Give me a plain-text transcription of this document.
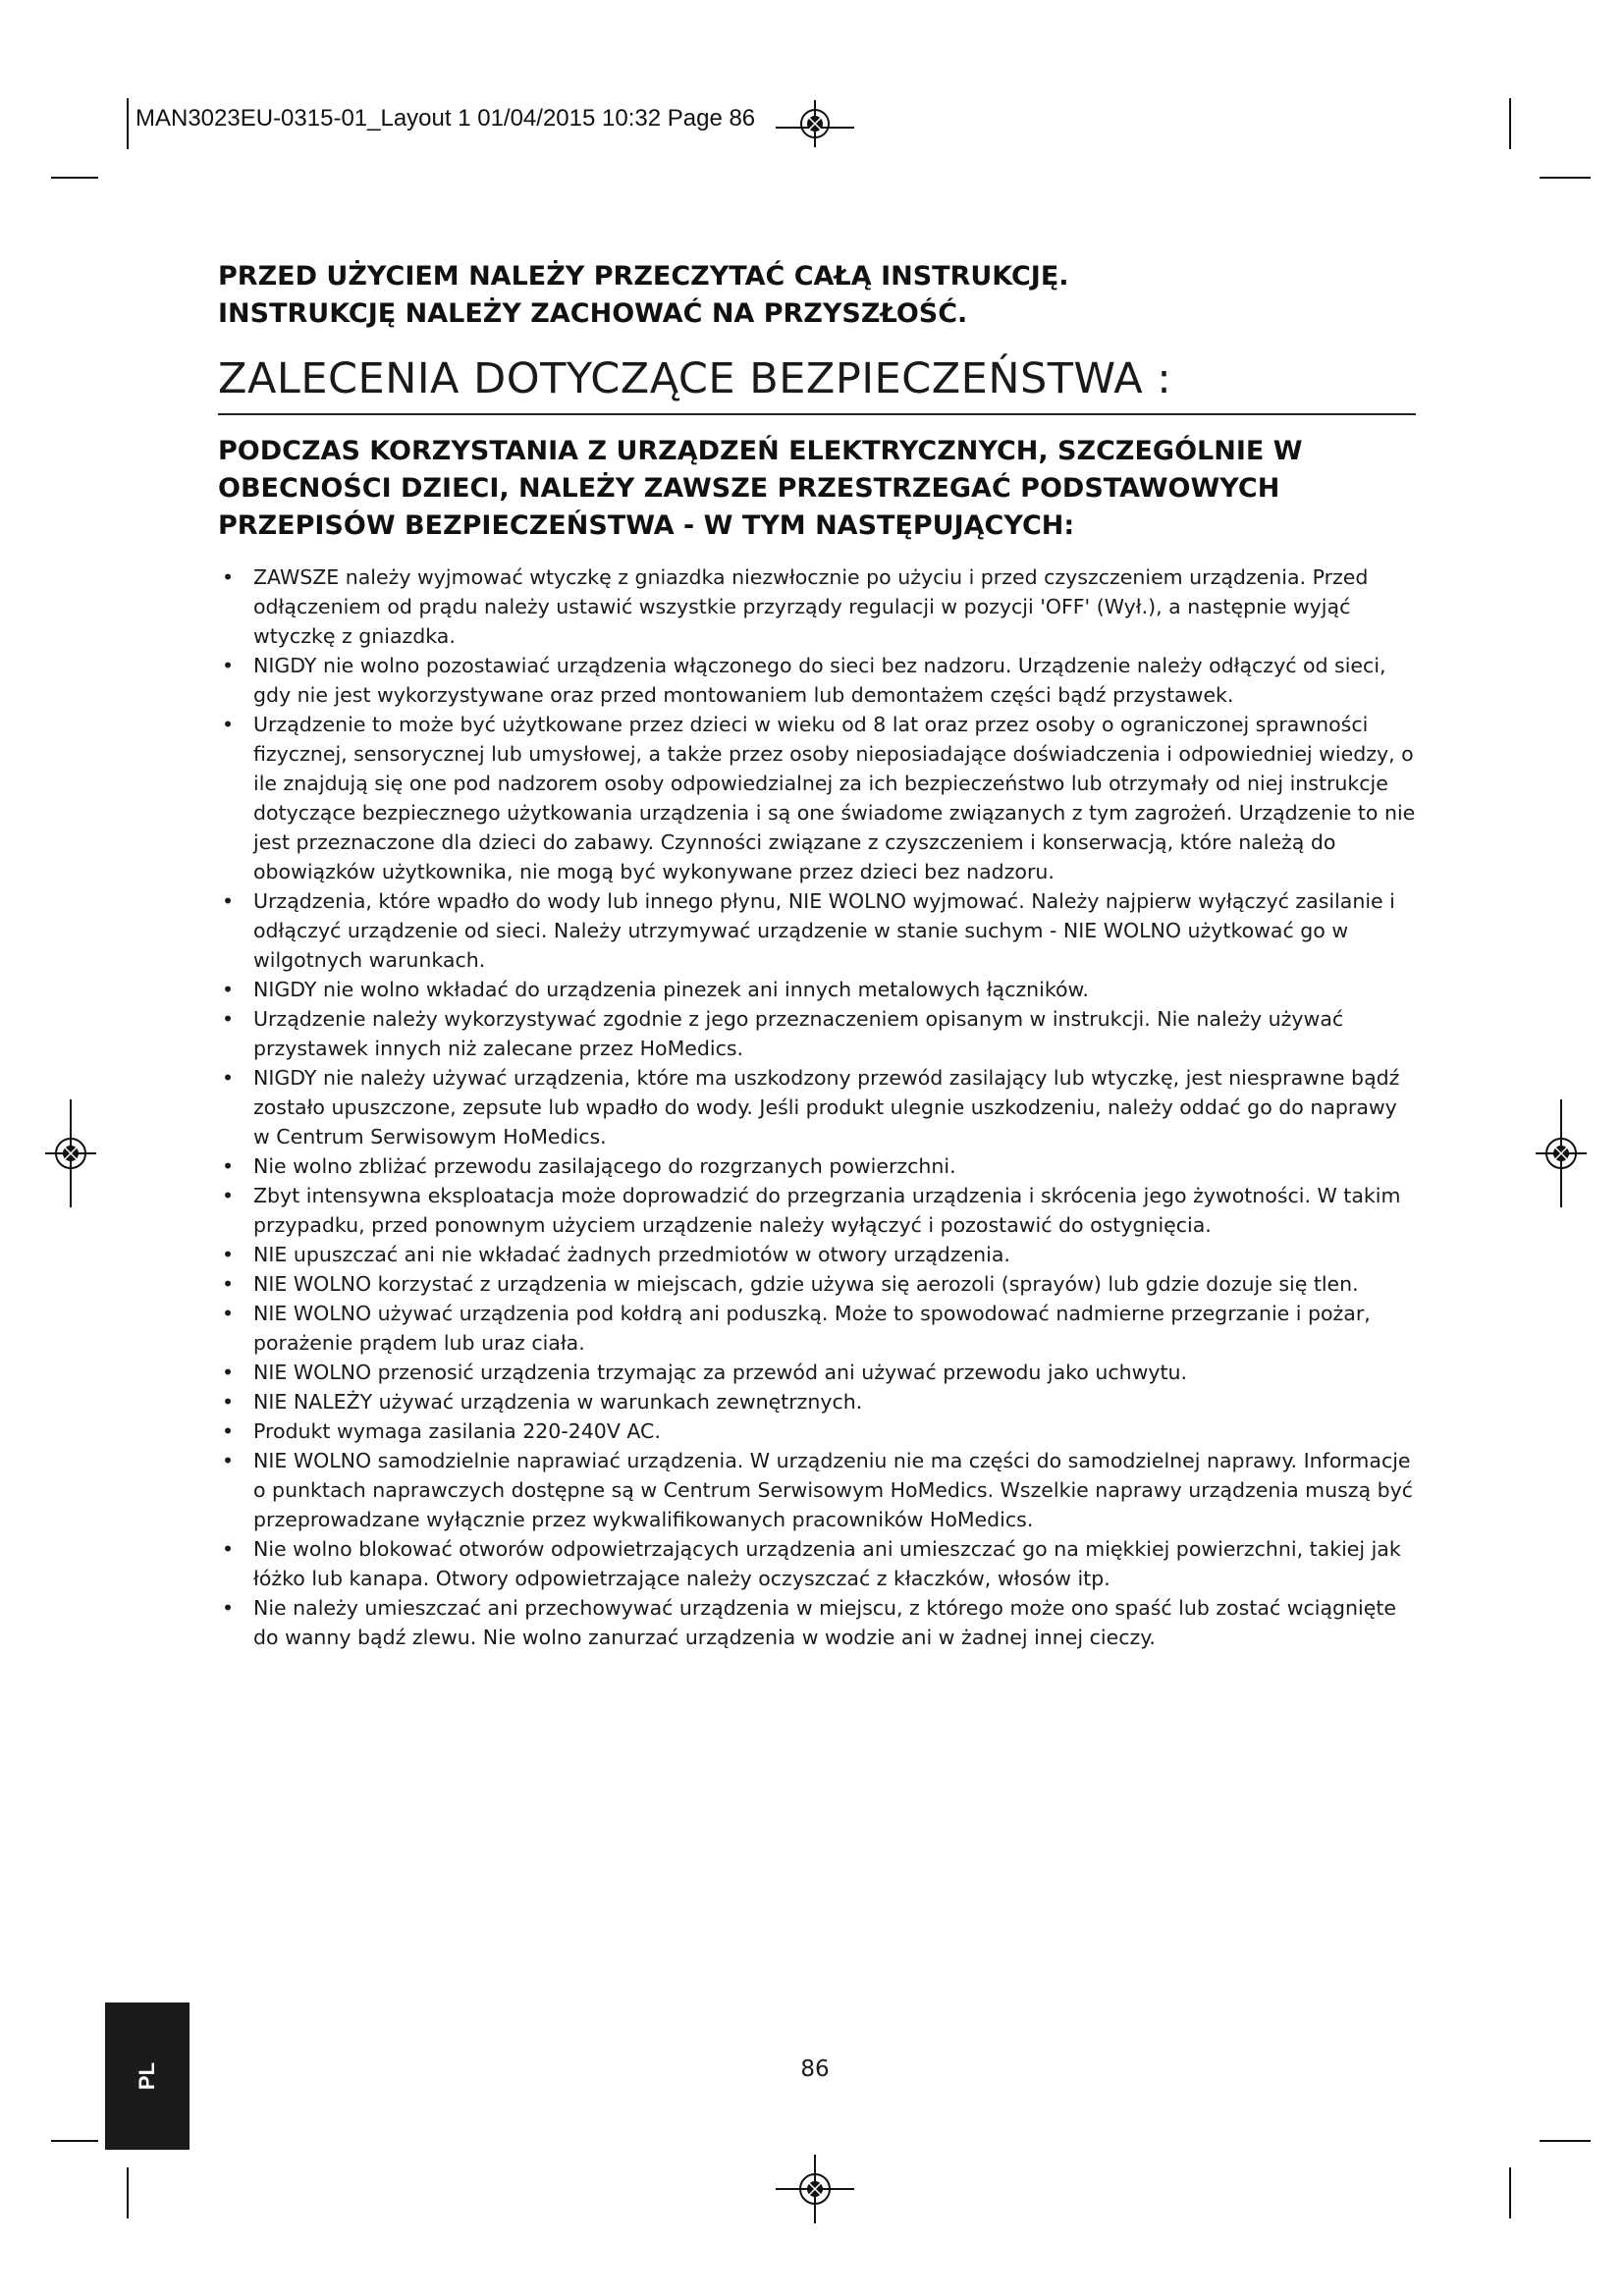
MAN3023EU-0315-01_Layout 1 01/04/2015 10:32 Page 86

PRZED UŻYCIEM NALEŻY PRZECZYTAĆ CAŁĄ INSTRUKCJĘ.
INSTRUKCJĘ NALEŻY ZACHOWAĆ NA PRZYSZŁOŚĆ.

ZALECENIA DOTYCZĄCE BEZPIECZEŃSTWA :
PODCZAS KORZYSTANIA Z URZĄDZEŃ ELEKTRYCZNYCH, SZCZEGÓLNIE W OBECNOŚCI DZIECI, NALEŻY ZAWSZE PRZESTRZEGAĆ PODSTAWOWYCH PRZEPISÓW BEZPIECZEŃSTWA - W TYM NASTĘPUJĄCYCH:
• ZAWSZE należy wyjmować wtyczkę z gniazdka niezwłocznie po użyciu i przed czyszczeniem urządzenia. Przed odłączeniem od prądu należy ustawić wszystkie przyrządy regulacji w pozycji 'OFF' (Wył.), a następnie wyjąć wtyczkę z gniazdka.
• NIGDY nie wolno pozostawiać urządzenia włączonego do sieci bez nadzoru. Urządzenie należy odłączyć od sieci, gdy nie jest wykorzystywane oraz przed montowaniem lub demontażem części bądź przystawek.
• Urządzenie to może być użytkowane przez dzieci w wieku od 8 lat oraz przez osoby o ograniczonej sprawności fizycznej, sensorycznej lub umysłowej, a także przez osoby nieposiadające doświadczenia i odpowiedniej wiedzy, o ile znajdują się one pod nadzorem osoby odpowiedzialnej za ich bezpieczeństwo lub otrzymały od niej instrukcje dotyczące bezpiecznego użytkowania urządzenia i są one świadome związanych z tym zagrożeń. Urządzenie to nie jest przeznaczone dla dzieci do zabawy. Czynności związane z czyszczeniem i konserwacją, które należą do obowiązków użytkownika, nie mogą być wykonywane przez dzieci bez nadzoru.
• Urządzenia, które wpadło do wody lub innego płynu, NIE WOLNO wyjmować. Należy najpierw wyłączyć zasilanie i odłączyć urządzenie od sieci. Należy utrzymywać urządzenie w stanie suchym - NIE WOLNO użytkować go w wilgotnych warunkach.
• NIGDY nie wolno wkładać do urządzenia pinezek ani innych metalowych łączników.
• Urządzenie należy wykorzystywać zgodnie z jego przeznaczeniem opisanym w instrukcji. Nie należy używać przystawek innych niż zalecane przez HoMedics.
• NIGDY nie należy używać urządzenia, które ma uszkodzony przewód zasilający lub wtyczkę, jest niesprawne bądź zostało upuszczone, zepsute lub wpadło do wody. Jeśli produkt ulegnie uszkodzeniu, należy oddać go do naprawy w Centrum Serwisowym HoMedics.
• Nie wolno zbliżać przewodu zasilającego do rozgrzanych powierzchni.
• Zbyt intensywna eksploatacja może doprowadzić do przegrzania urządzenia i skrócenia jego żywotności. W takim przypadku, przed ponownym użyciem urządzenie należy wyłączyć i pozostawić do ostygnięcia.
• NIE upuszczać ani nie wkładać żadnych przedmiotów w otwory urządzenia.
• NIE WOLNO korzystać z urządzenia w miejscach, gdzie używa się aerozoli (sprayów) lub gdzie dozuje się tlen.
• NIE WOLNO używać urządzenia pod kołdrą ani poduszką. Może to spowodować nadmierne przegrzanie i pożar, porażenie prądem lub uraz ciała.
• NIE WOLNO przenosić urządzenia trzymając za przewód ani używać przewodu jako uchwytu.
• NIE NALEŻY używać urządzenia w warunkach zewnętrznych.
• Produkt wymaga zasilania 220-240V AC.
• NIE WOLNO samodzielnie naprawiać urządzenia. W urządzeniu nie ma części do samodzielnej naprawy. Informacje o punktach naprawczych dostępne są w Centrum Serwisowym HoMedics. Wszelkie naprawy urządzenia muszą być przeprowadzane wyłącznie przez wykwalifikowanych pracowników HoMedics.
• Nie wolno blokować otworów odpowietrzających urządzenia ani umieszczać go na miękkiej powierzchni, takiej jak łóżko lub kanapa. Otwory odpowietrzające należy oczyszczać z kłaczków, włosów itp.
• Nie należy umieszczać ani przechowywać urządzenia w miejscu, z którego może ono spaść lub zostać wciągnięte do wanny bądź zlewu. Nie wolno zanurzać urządzenia w wodzie ani w żadnej innej cieczy.
PL	86
